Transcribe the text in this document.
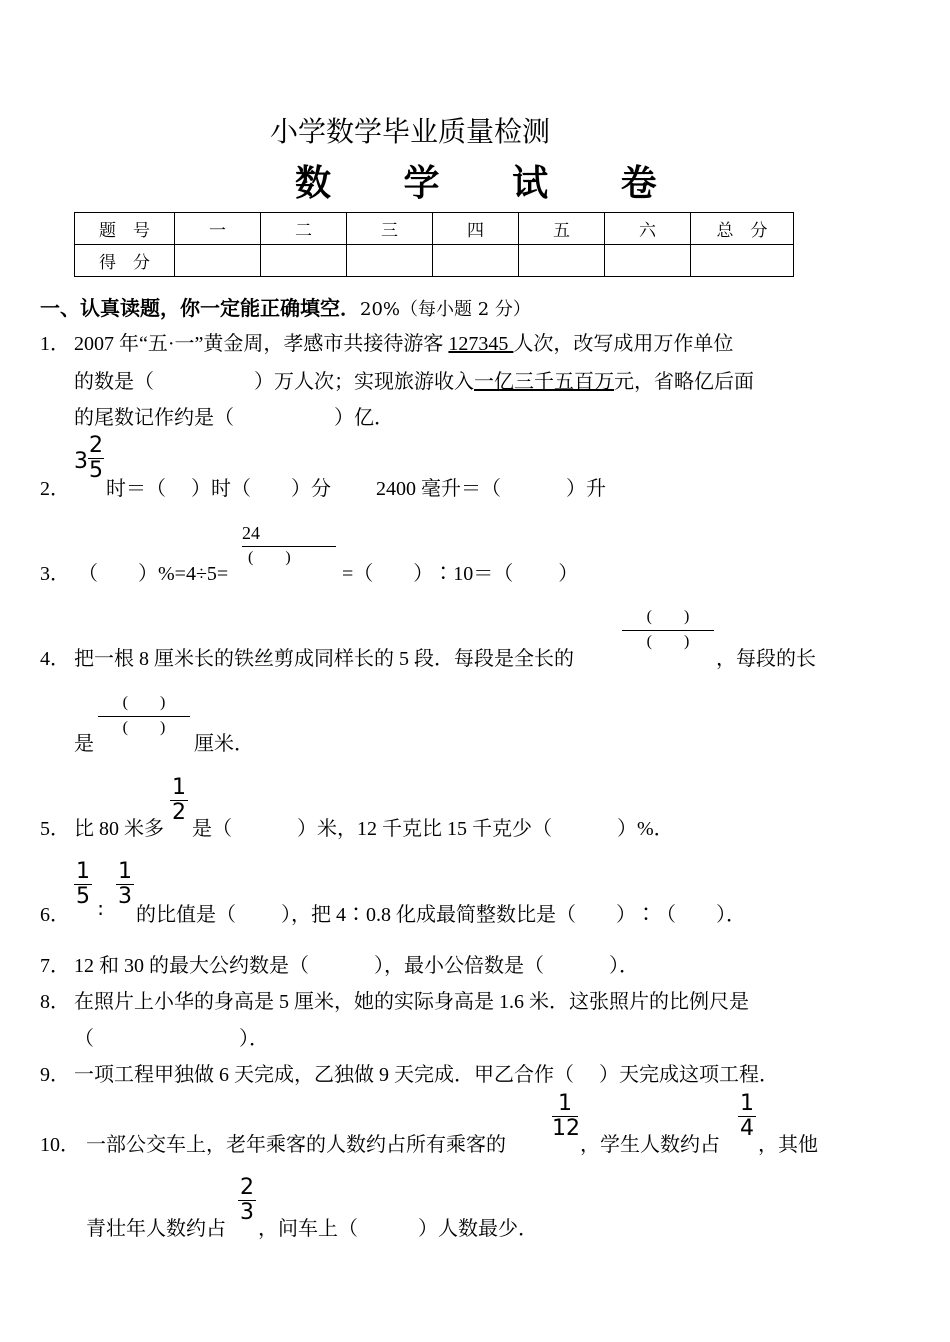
小学数学毕业质量检测
数 学 试 卷
题　号	一	二	三	四	五	六	总　分
得　分							
一、认真读题，你一定能正确填空．20%（每小题 2 分）
1． 2007 年“五·一”黄金周，孝感市共接待游客 127345 人次，改写成用万作单位
的数是（　　　　　）万人次；实现旅游收入一亿三千五百万元，省略亿后面
的尾数记作约是（　　　　　）亿．
2．
3
2
5
时＝（　 ）时（　　）分　　 2400 毫升＝（　　　 ）升
3． （　　）%=4÷5=
24
(　　)
=（　　）∶10＝（　　 ）
4． 把一根 8 厘米长的铁丝剪成同样长的 5 段．每段是全长的
(　　)
(　　)
，每段的长
是
(　　)
(　　)
厘米．
5． 比 80 米多
1
2
是（　　　 ）米，12 千克比 15 千克少（　　　 ）%．
6．
1
5
∶
1
3
的比值是（　　 ），把 4∶0.8 化成最简整数比是（　　）∶（　　）．
7． 12 和 30 的最大公约数是（　　　 ），最小公倍数是（　　　 ）．
8． 在照片上小华的身高是 5 厘米，她的实际身高是 1.6 米．这张照片的比例尺是
（　　　　　　　 ）．
9． 一项工程甲独做 6 天完成，乙独做 9 天完成．甲乙合作（　 ）天完成这项工程．
10． 一部公交车上，老年乘客的人数约占所有乘客的
1
12
，学生人数约占
1
4
，其他
青壮年人数约占
2
3
，问车上（　　　）人数最少．
